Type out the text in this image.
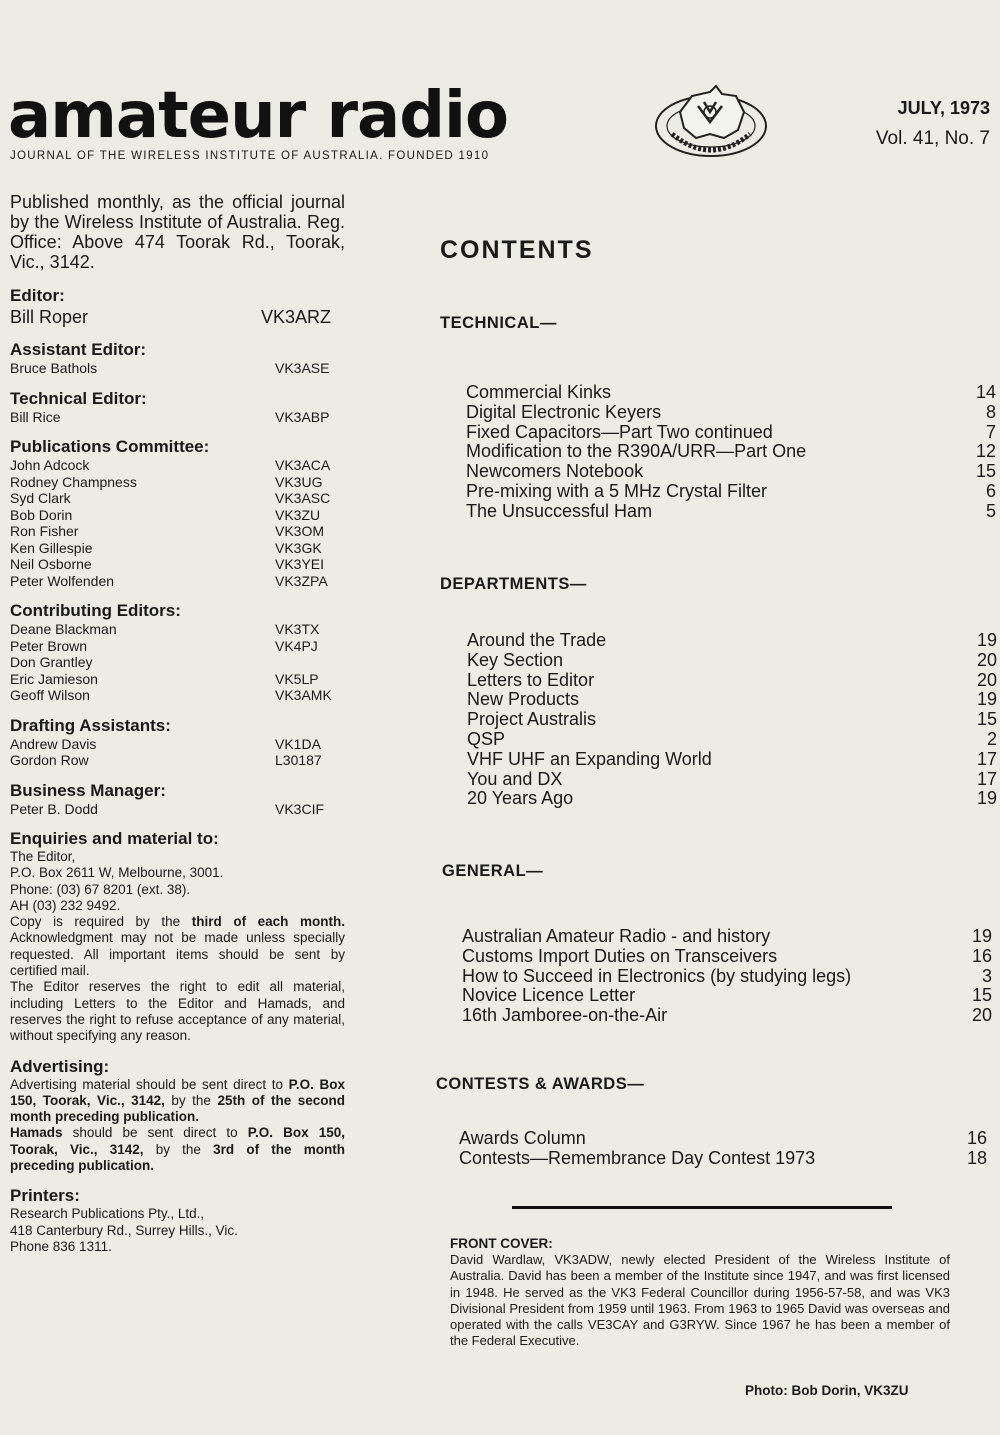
amateur radio
JOURNAL OF THE WIRELESS INSTITUTE OF AUSTRALIA. FOUNDED 1910
JULY, 1973
Vol. 41, No. 7

Published monthly, as the official journal by the Wireless Institute of Australia. Reg. Office: Above 474 Toorak Rd., Toorak, Vic., 3142.

Editor:
Bill Roper	VK3ARZ
Assistant Editor:
Bruce Bathols	VK3ASE
Technical Editor:
Bill Rice	VK3ABP
Publications Committee:
John Adcock	VK3ACA
Rodney Champness	VK3UG
Syd Clark	VK3ASC
Bob Dorin	VK3ZU
Ron Fisher	VK3OM
Ken Gillespie	VK3GK
Neil Osborne	VK3YEI
Peter Wolfenden	VK3ZPA
Contributing Editors:
Deane Blackman	VK3TX
Peter Brown	VK4PJ
Don Grantley
Eric Jamieson	VK5LP
Geoff Wilson	VK3AMK
Drafting Assistants:
Andrew Davis	VK1DA
Gordon Row	L30187
Business Manager:
Peter B. Dodd	VK3CIF
Enquiries and material to:
The Editor,
P.O. Box 2611 W, Melbourne, 3001.
Phone: (03) 67 8201 (ext. 38).
AH (03) 232 9492.

Copy is required by the third of each month. Acknowledgment may not be made unless specially requested. All important items should be sent by certified mail.

The Editor reserves the right to edit all material, including Letters to the Editor and Hamads, and reserves the right to refuse acceptance of any material, without specifying any reason.

Advertising:

Advertising material should be sent direct to P.O. Box 150, Toorak, Vic., 3142, by the 25th of the second month preceding publication.

Hamads should be sent direct to P.O. Box 150, Toorak, Vic., 3142, by the 3rd of the month preceding publication.

Printers:
Research Publications Pty., Ltd.,
418 Canterbury Rd., Surrey Hills., Vic.
Phone 836 1311.
CONTENTS
TECHNICAL—
Commercial Kinks	14
Digital Electronic Keyers	8
Fixed Capacitors—Part Two continued	7
Modification to the R390A/URR—Part One	12
Newcomers Notebook	15
Pre-mixing with a 5 MHz Crystal Filter	6
The Unsuccessful Ham	5
DEPARTMENTS—
Around the Trade	19
Key Section	20
Letters to Editor	20
New Products	19
Project Australis	15
QSP	2
VHF UHF an Expanding World	17
You and DX	17
20 Years Ago	19
GENERAL—
Australian Amateur Radio - and history	19
Customs Import Duties on Transceivers	16
How to Succeed in Electronics (by studying legs)	3
Novice Licence Letter	15
16th Jamboree-on-the-Air	20
CONTESTS & AWARDS—
Awards Column	16
Contests—Remembrance Day Contest 1973	18
FRONT COVER:

David Wardlaw, VK3ADW, newly elected President of the Wireless Institute of Australia. David has been a member of the Institute since 1947, and was first licensed in 1948. He served as the VK3 Federal Councillor during 1956-57-58, and was VK3 Divisional President from 1959 until 1963. From 1963 to 1965 David was overseas and operated with the calls VE3CAY and G3RYW. Since 1967 he has been a member of the Federal Executive.

Photo: Bob Dorin, VK3ZU
